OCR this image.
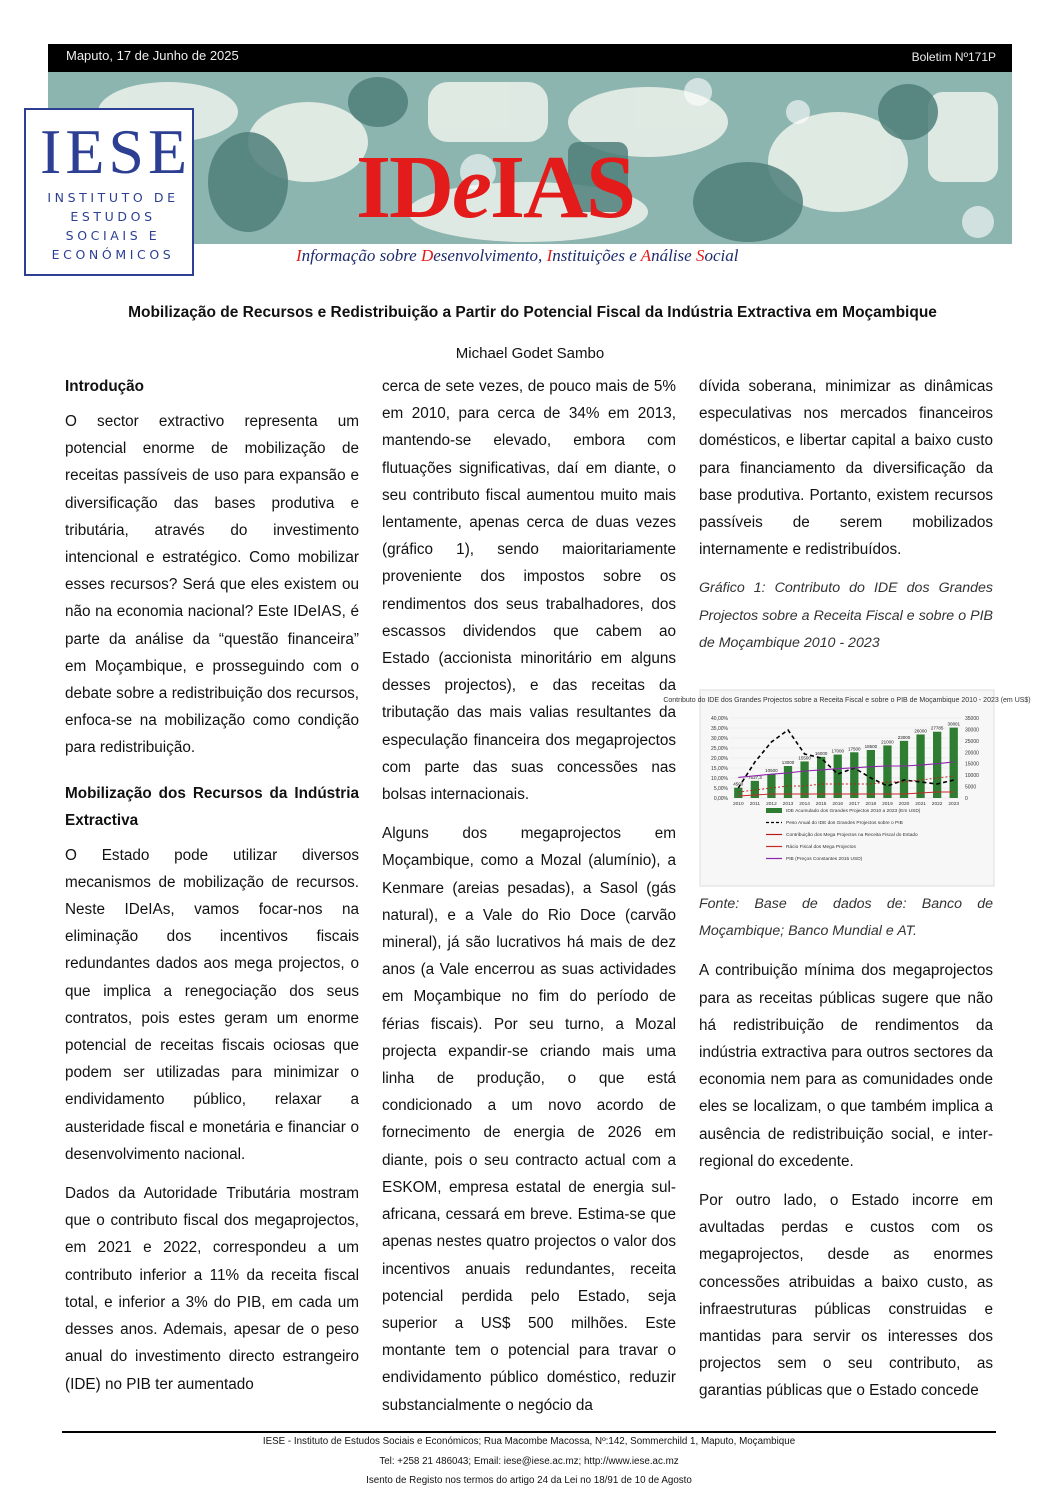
Maputo, 17 de Junho de 2025	Boletim Nº171P
IESE
INSTITUTO DE
ESTUDOS
SOCIAIS E
ECONÓMICOS
IDeIAS
Informação sobre Desenvolvimento, Instituições e Análise Social
Mobilização de Recursos e Redistribuição a Partir do Potencial Fiscal da Indústria Extractiva em Moçambique
Michael Godet Sambo
Introdução

O sector extractivo representa um potencial enorme de mobilização de receitas passíveis de uso para expansão e diversificação das bases produtiva e tributária, através do investimento intencional e estratégico. Como mobilizar esses recursos? Será que eles existem ou não na economia nacional? Este IDeIAS, é parte da análise da “questão financeira” em Moçambique, e prosseguindo com o debate sobre a redistribuição dos recursos, enfoca-se na mobilização como condição para redistribuição.

Mobilização dos Recursos da Indústria Extractiva

O Estado pode utilizar diversos mecanismos de mobilização de recursos. Neste IDeIAs, vamos focar-nos na eliminação dos incentivos fiscais redundantes dados aos mega projectos, o que implica a renegociação dos seus contratos, pois estes geram um enorme potencial de receitas fiscais ociosas que podem ser utilizadas para minimizar o endividamento público, relaxar a austeridade fiscal e monetária e financiar o desenvolvimento nacional.

Dados da Autoridade Tributária mostram que o contributo fiscal dos megaprojectos, em 2021 e 2022, correspondeu a um contributo inferior a 11% da receita fiscal total, e inferior a 3% do PIB, em cada um desses anos. Ademais, apesar de o peso anual do investimento directo estrangeiro (IDE) no PIB ter aumentado

cerca de sete vezes, de pouco mais de 5% em 2010, para cerca de 34% em 2013, mantendo-se elevado, embora com flutuações significativas, daí em diante, o seu contributo fiscal aumentou muito mais lentamente, apenas cerca de duas vezes (gráfico 1), sendo maioritariamente proveniente dos impostos sobre os rendimentos dos seus trabalhadores, dos escassos dividendos que cabem ao Estado (accionista minoritário em alguns desses projectos), e das receitas da tributação das mais valias resultantes da especulação financeira dos megaprojectos com parte das suas concessões nas bolsas internacionais.

Alguns dos megaprojectos em Moçambique, como a Mozal (alumínio), a Kenmare (areias pesadas), a Sasol (gás natural), e a Vale do Rio Doce (carvão mineral), já são lucrativos há mais de dez anos (a Vale encerrou as suas actividades em Moçambique no fim do período de férias fiscais). Por seu turno, a Mozal projecta expandir-se criando mais uma linha de produção, o que está condicionado a um novo acordo de fornecimento de energia de 2026 em diante, pois o seu contracto actual com a ESKOM, empresa estatal de energia sul-africana, cessará em breve. Estima-se que apenas nestes quatro projectos o valor dos incentivos anuais redundantes, receita potencial perdida pelo Estado, seja superior a US$ 500 milhões. Este montante tem o potencial para travar o endividamento público doméstico, reduzir substancialmente o negócio da

dívida soberana, minimizar as dinâmicas especulativas nos mercados financeiros domésticos, e libertar capital a baixo custo para financiamento da diversificação da base produtiva. Portanto, existem recursos passíveis de serem mobilizados internamente e redistribuídos.

Gráfico 1: Contributo do IDE dos Grandes Projectos sobre a Receita Fiscal e sobre o PIB de Moçambique 2010 - 2023

Fonte: Base de dados de: Banco de Moçambique; Banco Mundial e AT.

A contribuição mínima dos megaprojectos para as receitas públicas sugere que não há redistribuição de rendimentos da indústria extractiva para outros sectores da economia nem para as comunidades onde eles se localizam, o que também implica a ausência de redistribuição social, e inter-regional do excedente.

Por outro lado, o Estado incorre em avultadas perdas e custos com os megaprojectos, desde as enormes concessões atribuidas a baixo custo, as infraestruturas públicas construidas e mantidas para servir os interesses dos projectos sem o seu contributo, as garantias públicas que o Estado concede

Contributo do IDE dos Grandes Projectos sobre a Receita Fiscal e sobre o PIB de Moçambique 2010 - 2023 (em US$)
0,00%
5,00%
10,00%
15,00%
20,00%
25,00%
30,00%
35,00%
40,00%
0
5000
10000
15000
20000
25000
30000
35000
4500
7537,3
10500
13000
15500
16000 17000 17500 18500
21000
23000
26000
27785
30801
2010 2011 2012 2013 2014 2015 2016 2017 2018 2019 2020 2021 2022 2023
IDE Acumulado dos Grandes Projectos 2010 a 2023 (Em USD)
Peso Anual do IDE dos Grandes Projectos sobre o PIB
Contribuição dos Mega Projectos na Receita Fiscal do Estado
Rácio Fiscal dos Mega Projectos
PIB (Preços Constantes 2015 USD)
IESE - Instituto de Estudos Sociais e Económicos; Rua Macombe Macossa, Nº:142, Sommerchild 1, Maputo, Moçambique
Tel: +258 21 486043; Email: iese@iese.ac.mz; http://www.iese.ac.mz
Isento de Registo nos termos do artigo 24 da Lei no 18/91 de 10 de Agosto
